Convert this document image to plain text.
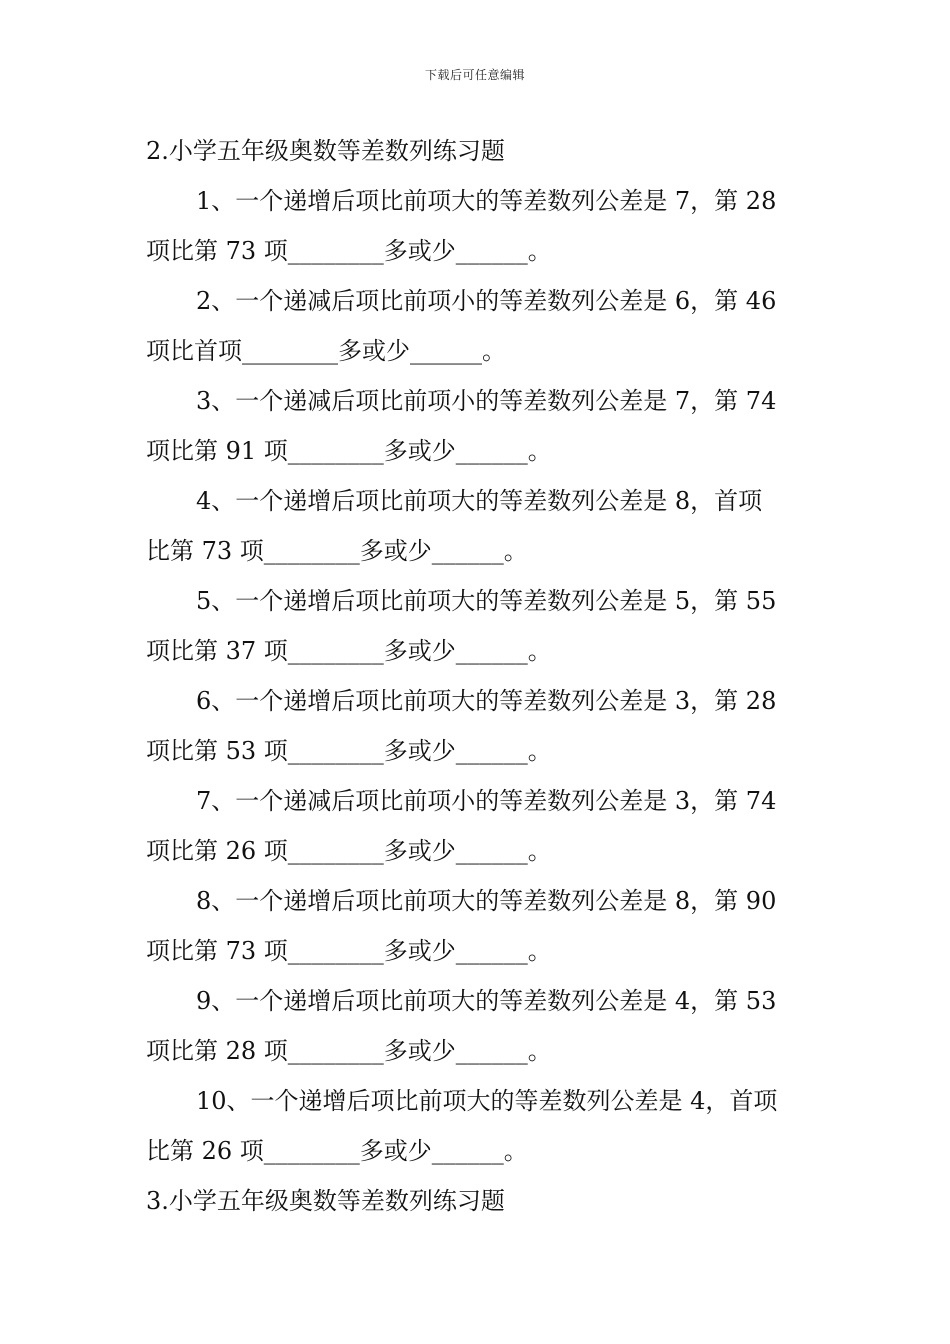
下载后可任意编辑
2.小学五年级奥数等差数列练习题
1、一个递增后项比前项大的等差数列公差是 7，第 28
项比第 73 项________多或少______。
2、一个递减后项比前项小的等差数列公差是 6，第 46
项比首项________多或少______。
3、一个递减后项比前项小的等差数列公差是 7，第 74
项比第 91 项________多或少______。
4、一个递增后项比前项大的等差数列公差是 8，首项
比第 73 项________多或少______。
5、一个递增后项比前项大的等差数列公差是 5，第 55
项比第 37 项________多或少______。
6、一个递增后项比前项大的等差数列公差是 3，第 28
项比第 53 项________多或少______。
7、一个递减后项比前项小的等差数列公差是 3，第 74
项比第 26 项________多或少______。
8、一个递增后项比前项大的等差数列公差是 8，第 90
项比第 73 项________多或少______。
9、一个递增后项比前项大的等差数列公差是 4，第 53
项比第 28 项________多或少______。
10、一个递增后项比前项大的等差数列公差是 4，首项
比第 26 项________多或少______。
3.小学五年级奥数等差数列练习题
